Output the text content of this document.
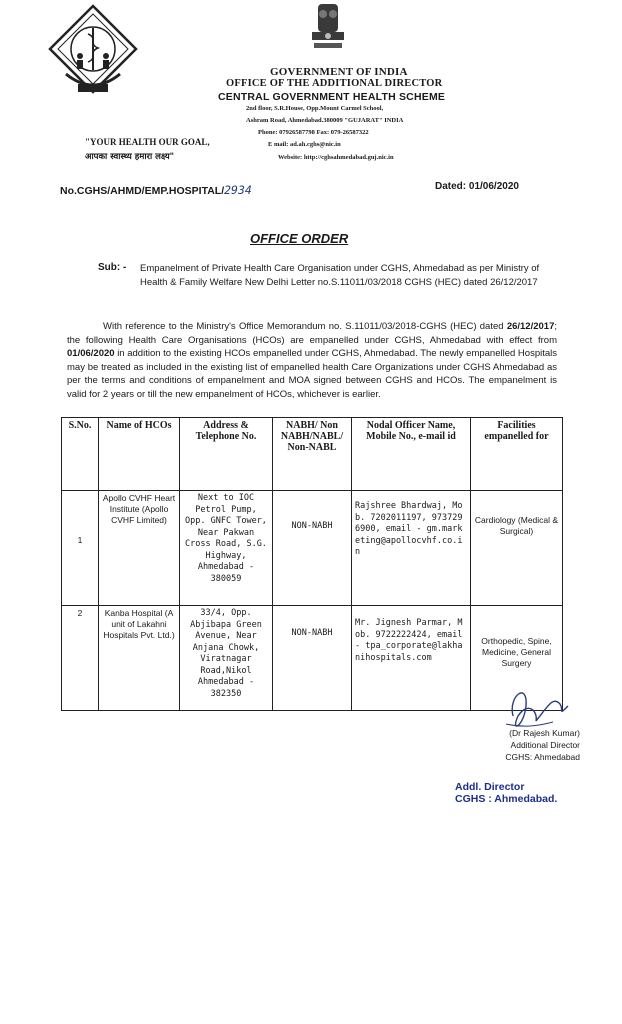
"YOUR HEALTH OUR GOAL,
आपका स्वास्थ्य हमारा लक्ष्य"
GOVERNMENT OF INDIA
OFFICE OF THE ADDITIONAL DIRECTOR
CENTRAL GOVERNMENT HEALTH SCHEME
2nd floor, S.R.House, Opp.Mount Carmel School,
Ashram Road, Ahmedabad.380009 "GUJARAT" INDIA
Phone: 07926587798 Fax: 079-26587322
E mail: ad.ah.cghs@nic.in
Website: http://cghsahmedabad.guj.nic.in
No.CGHS/AHMD/EMP.HOSPITAL/2934	Dated: 01/06/2020
OFFICE ORDER
Sub: - Empanelment of Private Health Care Organisation under CGHS, Ahmedabad as per Ministry of Health & Family Welfare New Delhi Letter no.S.11011/03/2018 CGHS (HEC) dated 26/12/2017
With reference to the Ministry's Office Memorandum no. S.11011/03/2018-CGHS (HEC) dated 26/12/2017; the following Health Care Organisations (HCOs) are empanelled under CGHS, Ahmedabad with effect from 01/06/2020 in addition to the existing HCOs empanelled under CGHS, Ahmedabad. The newly empanelled Hospitals may be treated as included in the existing list of empanelled health Care Organizations under CGHS Ahmedabad as per the terms and conditions of empanelment and MOA signed between CGHS and HCOs. The empanelment is valid for 2 years or till the new empanelment of HCOs, whichever is earlier.
S.No.	Name of HCOs	Address & Telephone No.	NABH/ Non NABH/NABL/ Non-NABL	Nodal Officer Name, Mobile No., e-mail id	Facilities empanelled for
1	Apollo CVHF Heart Institute (Apollo CVHF Limited)	Next to IOC Petrol Pump, Opp. GNFC Tower, Near Pakwan Cross Road, S.G. Highway, Ahmedabad - 380059	NON-NABH	Rajshree Bhardwaj, Mob. 7202011197, 9737296900, email - gm.marketing@apollocvhf.co.in	Cardiology (Medical & Surgical)
2	Kanba Hospital (A unit of Lakahni Hospitals Pvt. Ltd.)	33/4, Opp. Abjibapa Green Avenue, Near Anjana Chowk, Viratnagar Road,Nikol Ahmedabad - 382350	NON-NABH	Mr. Jignesh Parmar, Mob. 9722222424, email - tpa_corporate@lakhanihospitals.com	Orthopedic, Spine, Medicine, General Surgery
(Dr Rajesh Kumar)
Additional Director
CGHS: Ahmedabad
Addl. Director
CGHS : Ahmedabad.
